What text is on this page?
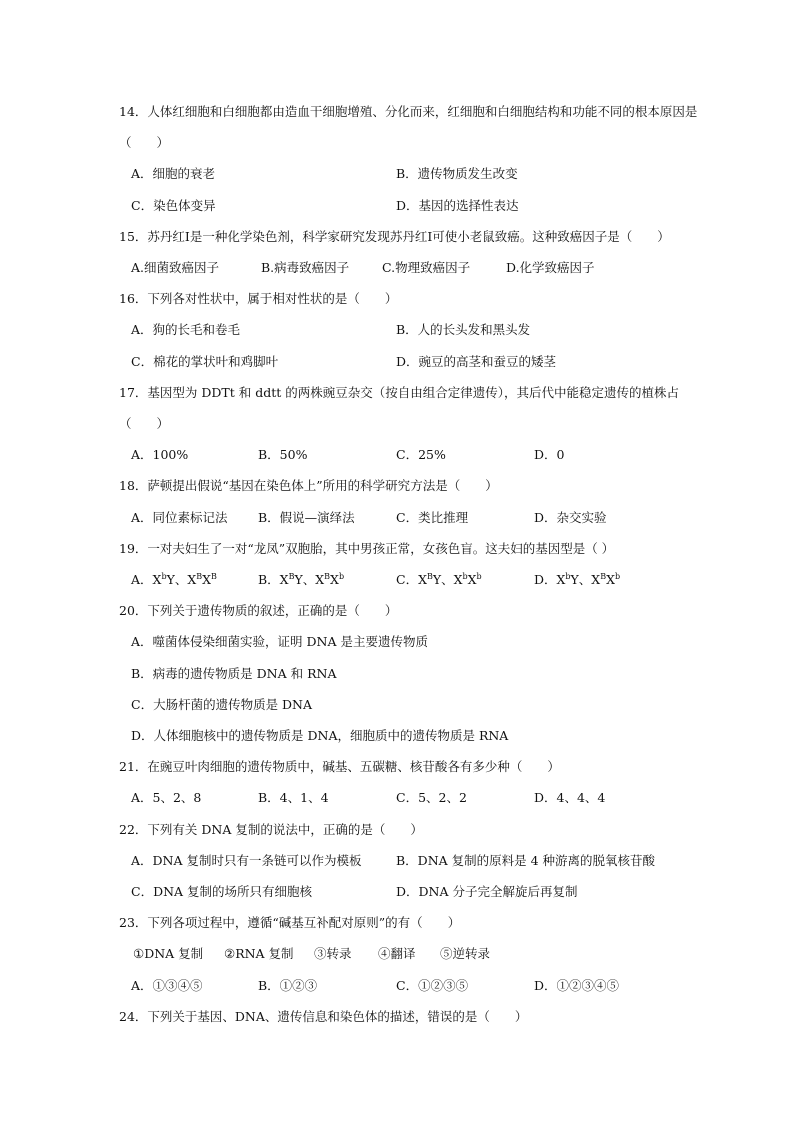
14．人体红细胞和白细胞都由造血干细胞增殖、分化而来，红细胞和白细胞结构和功能不同的根本原因是
（　　）
A．细胞的衰老	B．遗传物质发生改变
C．染色体变异	D．基因的选择性表达
15．苏丹红Ⅰ是一种化学染色剂，科学家研究发现苏丹红Ⅰ可使小老鼠致癌。这种致癌因子是（　　）
A.细菌致癌因子	B.病毒致癌因子	C.物理致癌因子	D.化学致癌因子
16．下列各对性状中，属于相对性状的是（　　）
A．狗的长毛和卷毛	B．人的长头发和黑头发
C．棉花的掌状叶和鸡脚叶	D．豌豆的高茎和蚕豆的矮茎
17．基因型为 DDTt 和 ddtt 的两株豌豆杂交（按自由组合定律遗传），其后代中能稳定遗传的植株占
（　　）
A．100%	B．50%	C．25%	D．0
18．萨顿提出假说“基因在染色体上”所用的科学研究方法是（　　）
A．同位素标记法 B．假说—演绎法	C．类比推理	D．杂交实验
19．一对夫妇生了一对“龙凤”双胞胎，其中男孩正常，女孩色盲。这夫妇的基因型是（ ）
A．$X^bY$、$X^BX^B$	B．$X^BY$、$X^BX^b$	C．$X^BY$、$X^bX^b$	D．$X^bY$、$X^BX^b$
20．下列关于遗传物质的叙述，正确的是（　　）
A．噬菌体侵染细菌实验，证明 DNA 是主要遗传物质
B．病毒的遗传物质是 DNA 和 RNA
C．大肠杆菌的遗传物质是 DNA
D．人体细胞核中的遗传物质是 DNA，细胞质中的遗传物质是 RNA
21．在豌豆叶肉细胞的遗传物质中，碱基、五碳糖、核苷酸各有多少种（　　）
A．5、2、8	B．4、1、4	C．5、2、2	D．4、4、4
22．下列有关 DNA 复制的说法中，正确的是（　　）
A．DNA 复制时只有一条链可以作为模板	B．DNA 复制的原料是 4 种游离的脱氧核苷酸
C．DNA 复制的场所只有细胞核	D．DNA 分子完全解旋后再复制
23．下列各项过程中，遵循“碱基互补配对原则”的有（　　）
①DNA 复制 ②RNA 复制 ③转录 ④翻译 ⑤逆转录
A．①③④⑤	B．①②③	C．①②③⑤	D．①②③④⑤
24．下列关于基因、DNA、遗传信息和染色体的描述，错误的是（　　）
